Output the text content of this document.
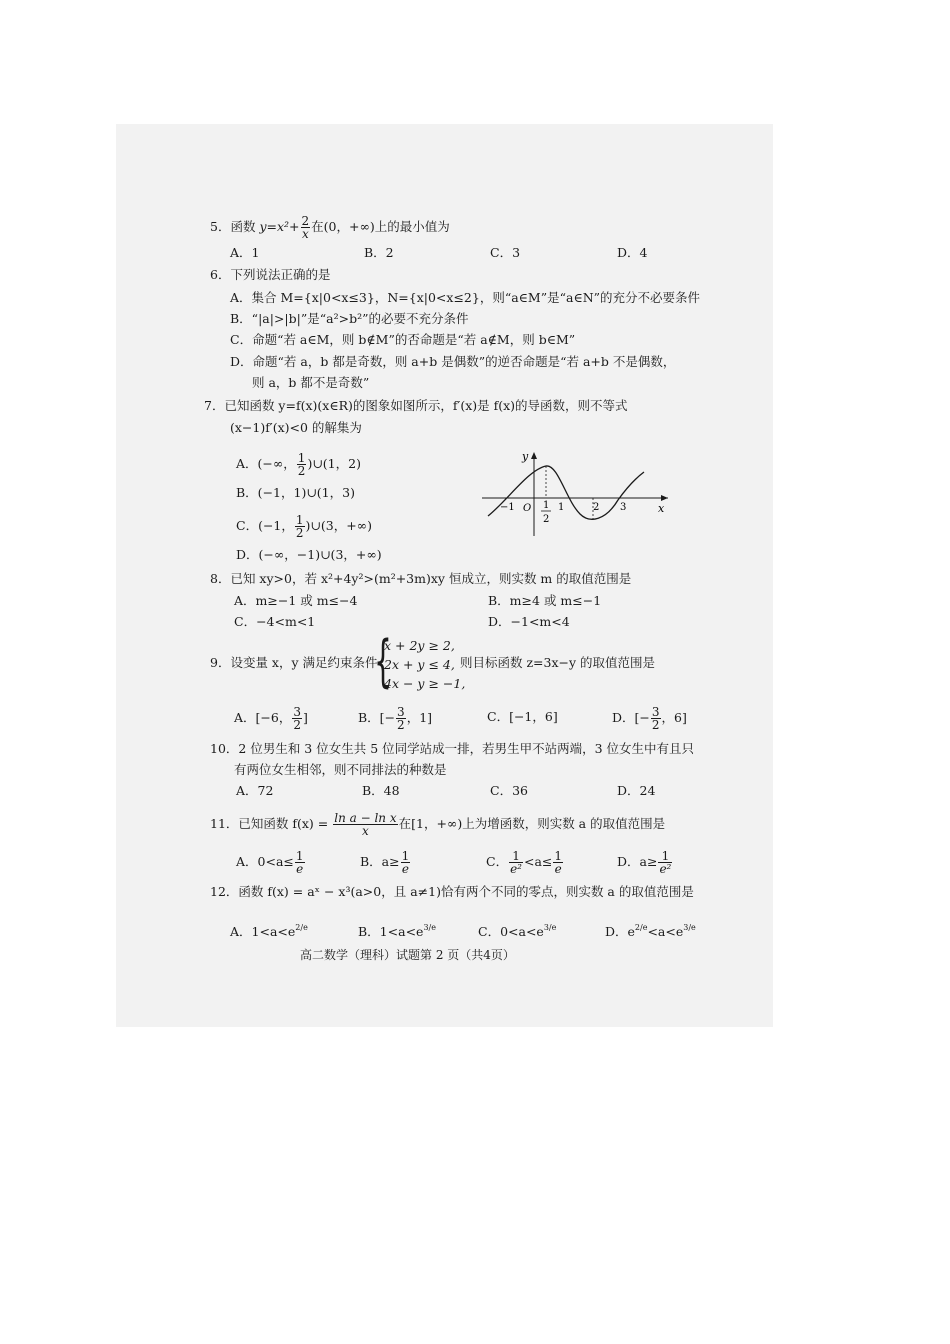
5．函数 $y=x^2+ \frac{2}{x}$ 在(0，+∞)上的最小值为
A．1	B．2	C．3	D．4
6．下列说法正确的是
A．集合 M={x|0<x≤3}，N={x|0<x≤2}，则“a∈M”是“a∈N”的充分不必要条件
B．“|a|>|b|”是“a²>b²”的必要不充分条件
C．命题“若 a∈M，则 b∉M”的否命题是“若 a∉M，则 b∈M”
D．命题“若 a，b 都是奇数，则 a+b 是偶数”的逆否命题是“若 a+b 不是偶数，
则 a，b 都不是奇数”
7．已知函数 y=f(x)(x∈R)的图象如图所示，f′(x)是 f(x)的导函数，则不等式
(x−1)f′(x)<0 的解集为
A．(−∞， $\frac{1}{2}$ )∪(1，2)
B．(−1，1)∪(1，3)
C．(−1， $\frac{1}{2}$ )∪(3，+∞)
D．(−∞，−1)∪(3，+∞)
y
x
−1 O 1
2
1	2 3
8．已知 xy>0，若 x²+4y²>(m²+3m)xy 恒成立，则实数 m 的取值范围是
A．m≥−1 或 m≤−4	B．m≥4 或 m≤−1
C．−4<m<1	D．−1<m<4
9．设变量 x，y 满足约束条件
{
x + 2y ≥ 2,
2x + y ≤ 4,
4x − y ≥ −1,
则目标函数 z=3x−y 的取值范围是
A．[−6， $\frac{3}{2}$ ]	B．[− $\frac{3}{2}$ ，1]	C．[−1，6]	D．[− $\frac{3}{2}$ ，6]
10．2 位男生和 3 位女生共 5 位同学站成一排，若男生甲不站两端，3 位女生中有且只
有两位女生相邻，则不同排法的种数是
A．72	B．48	C．36	D．24
11．已知函数 $f(x) = \frac{\text{ln a − ln x}}{x}$ 在[1，+∞)上为增函数，则实数 a 的取值范围是
A．$0<a\le \frac{1}{e}$	B．$a\ge \frac{1}{e}$	C． $\frac{1}{\text{e²}} <a\le \frac{1}{e}$	D．$a\ge \frac{1}{\text{e²}}$
12．函数 f(x) = aˣ − x³(a>0，且 a≠1)恰有两个不同的零点，则实数 a 的取值范围是
A．$1<a<e^{2/e}$	B．$1<a<e^{3/e}$	C．$0<a<e^{3/e}$	D．$e^{2/e}<a<e^{3/e}$
高二数学（理科）试题第 2 页（共4页）
